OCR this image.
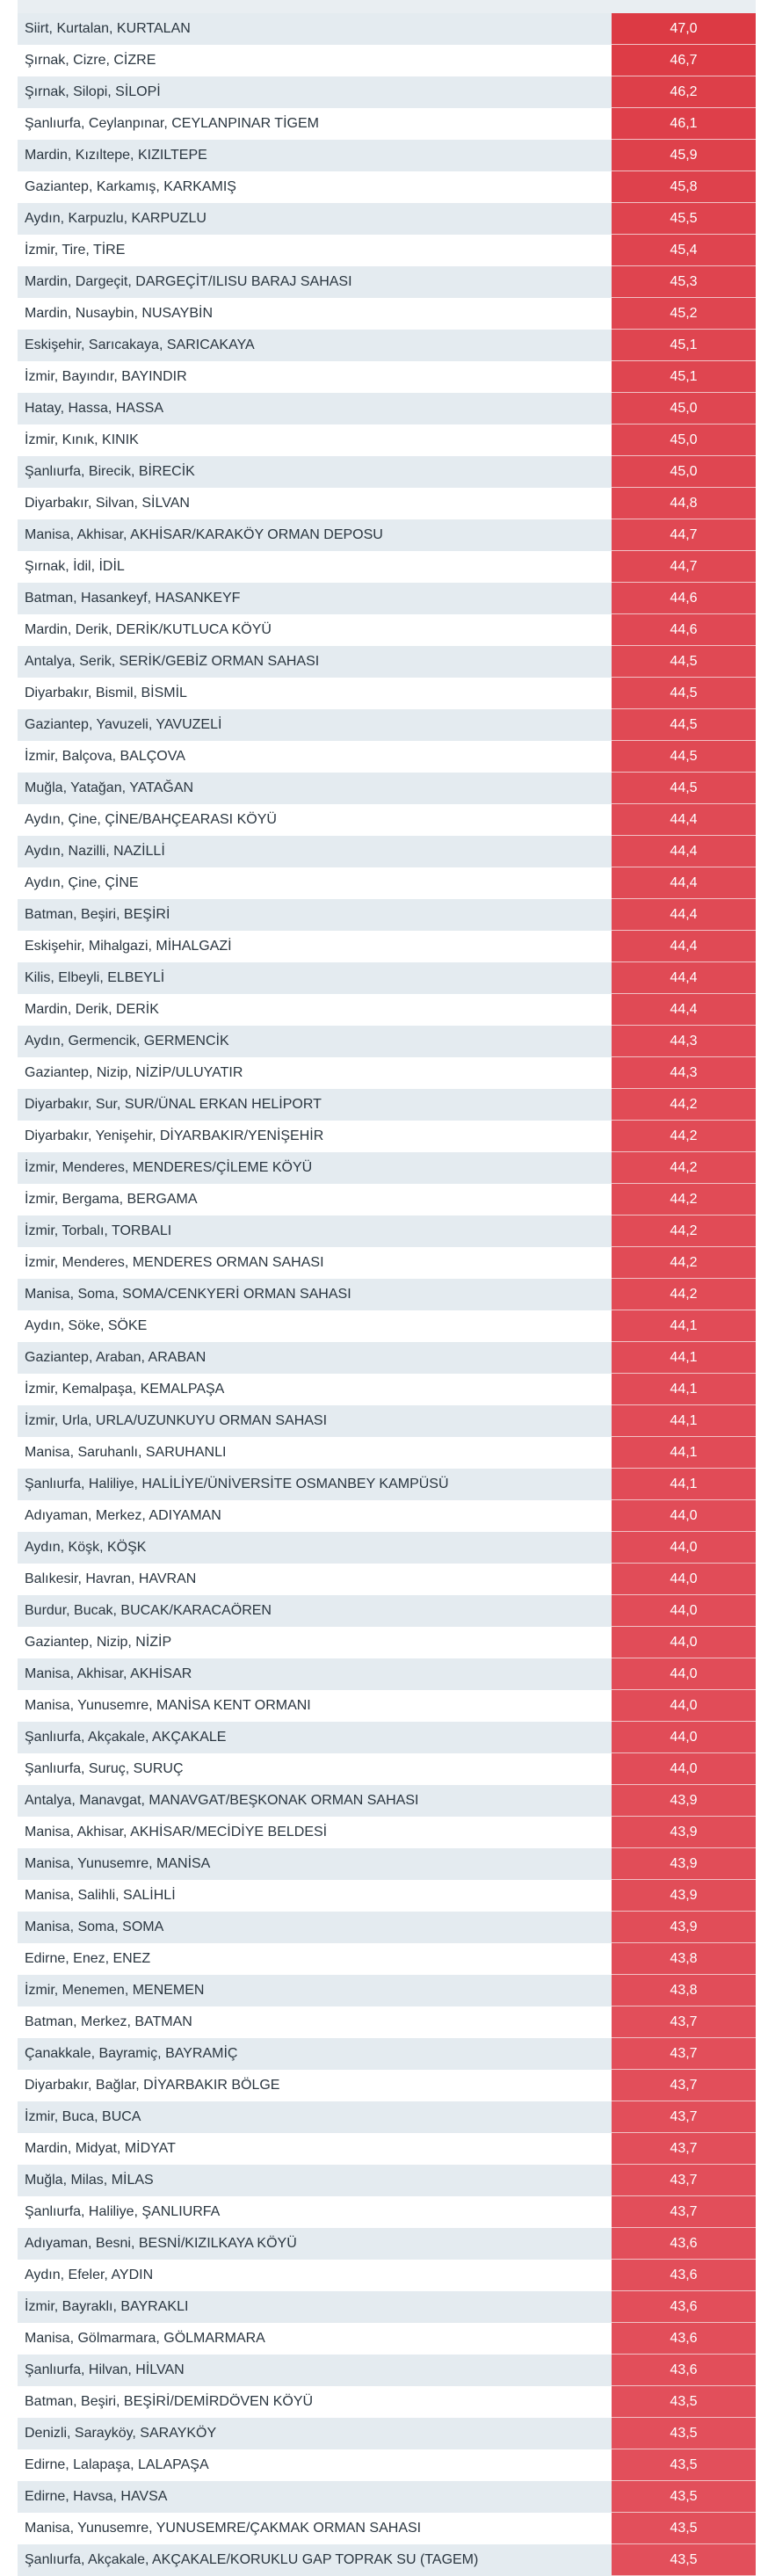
Siirt, Kurtalan, KURTALAN	47,0
Şırnak, Cizre, CİZRE	46,7
Şırnak, Silopi, SİLOPİ	46,2
Şanlıurfa, Ceylanpınar, CEYLANPINAR TİGEM	46,1
Mardin, Kızıltepe, KIZILTEPE	45,9
Gaziantep, Karkamış, KARKAMIŞ	45,8
Aydın, Karpuzlu, KARPUZLU	45,5
İzmir, Tire, TİRE	45,4
Mardin, Dargeçit, DARGEÇİT/ILISU BARAJ SAHASI	45,3
Mardin, Nusaybin, NUSAYBİN	45,2
Eskişehir, Sarıcakaya, SARICAKAYA	45,1
İzmir, Bayındır, BAYINDIR	45,1
Hatay, Hassa, HASSA	45,0
İzmir, Kınık, KINIK	45,0
Şanlıurfa, Birecik, BİRECİK	45,0
Diyarbakır, Silvan, SİLVAN	44,8
Manisa, Akhisar, AKHİSAR/KARAKÖY ORMAN DEPOSU	44,7
Şırnak, İdil, İDİL	44,7
Batman, Hasankeyf, HASANKEYF	44,6
Mardin, Derik, DERİK/KUTLUCA KÖYÜ	44,6
Antalya, Serik, SERİK/GEBİZ ORMAN SAHASI	44,5
Diyarbakır, Bismil, BİSMİL	44,5
Gaziantep, Yavuzeli, YAVUZELİ	44,5
İzmir, Balçova, BALÇOVA	44,5
Muğla, Yatağan, YATAĞAN	44,5
Aydın, Çine, ÇİNE/BAHÇEARASI KÖYÜ	44,4
Aydın, Nazilli, NAZİLLİ	44,4
Aydın, Çine, ÇİNE	44,4
Batman, Beşiri, BEŞİRİ	44,4
Eskişehir, Mihalgazi, MİHALGAZİ	44,4
Kilis, Elbeyli, ELBEYLİ	44,4
Mardin, Derik, DERİK	44,4
Aydın, Germencik, GERMENCİK	44,3
Gaziantep, Nizip, NİZİP/ULUYATIR	44,3
Diyarbakır, Sur, SUR/ÜNAL ERKAN HELİPORT	44,2
Diyarbakır, Yenişehir, DİYARBAKIR/YENİŞEHİR	44,2
İzmir, Menderes, MENDERES/ÇİLEME KÖYÜ	44,2
İzmir, Bergama, BERGAMA	44,2
İzmir, Torbalı, TORBALI	44,2
İzmir, Menderes, MENDERES ORMAN SAHASI	44,2
Manisa, Soma, SOMA/CENKYERİ ORMAN SAHASI	44,2
Aydın, Söke, SÖKE	44,1
Gaziantep, Araban, ARABAN	44,1
İzmir, Kemalpaşa, KEMALPAŞA	44,1
İzmir, Urla, URLA/UZUNKUYU ORMAN SAHASI	44,1
Manisa, Saruhanlı, SARUHANLI	44,1
Şanlıurfa, Haliliye, HALİLİYE/ÜNİVERSİTE OSMANBEY KAMPÜSÜ	44,1
Adıyaman, Merkez, ADIYAMAN	44,0
Aydın, Köşk, KÖŞK	44,0
Balıkesir, Havran, HAVRAN	44,0
Burdur, Bucak, BUCAK/KARACAÖREN	44,0
Gaziantep, Nizip, NİZİP	44,0
Manisa, Akhisar, AKHİSAR	44,0
Manisa, Yunusemre, MANİSA KENT ORMANI	44,0
Şanlıurfa, Akçakale, AKÇAKALE	44,0
Şanlıurfa, Suruç, SURUÇ	44,0
Antalya, Manavgat, MANAVGAT/BEŞKONAK ORMAN SAHASI	43,9
Manisa, Akhisar, AKHİSAR/MECİDİYE BELDESİ	43,9
Manisa, Yunusemre, MANİSA	43,9
Manisa, Salihli, SALİHLİ	43,9
Manisa, Soma, SOMA	43,9
Edirne, Enez, ENEZ	43,8
İzmir, Menemen, MENEMEN	43,8
Batman, Merkez, BATMAN	43,7
Çanakkale, Bayramiç, BAYRAMİÇ	43,7
Diyarbakır, Bağlar, DİYARBAKIR BÖLGE	43,7
İzmir, Buca, BUCA	43,7
Mardin, Midyat, MİDYAT	43,7
Muğla, Milas, MİLAS	43,7
Şanlıurfa, Haliliye, ŞANLIURFA	43,7
Adıyaman, Besni, BESNİ/KIZILKAYA KÖYÜ	43,6
Aydın, Efeler, AYDIN	43,6
İzmir, Bayraklı, BAYRAKLI	43,6
Manisa, Gölmarmara, GÖLMARMARA	43,6
Şanlıurfa, Hilvan, HİLVAN	43,6
Batman, Beşiri, BEŞİRİ/DEMİRDÖVEN KÖYÜ	43,5
Denizli, Sarayköy, SARAYKÖY	43,5
Edirne, Lalapaşa, LALAPAŞA	43,5
Edirne, Havsa, HAVSA	43,5
Manisa, Yunusemre, YUNUSEMRE/ÇAKMAK ORMAN SAHASI	43,5
Şanlıurfa, Akçakale, AKÇAKALE/KORUKLU GAP TOPRAK SU (TAGEM)	43,5
